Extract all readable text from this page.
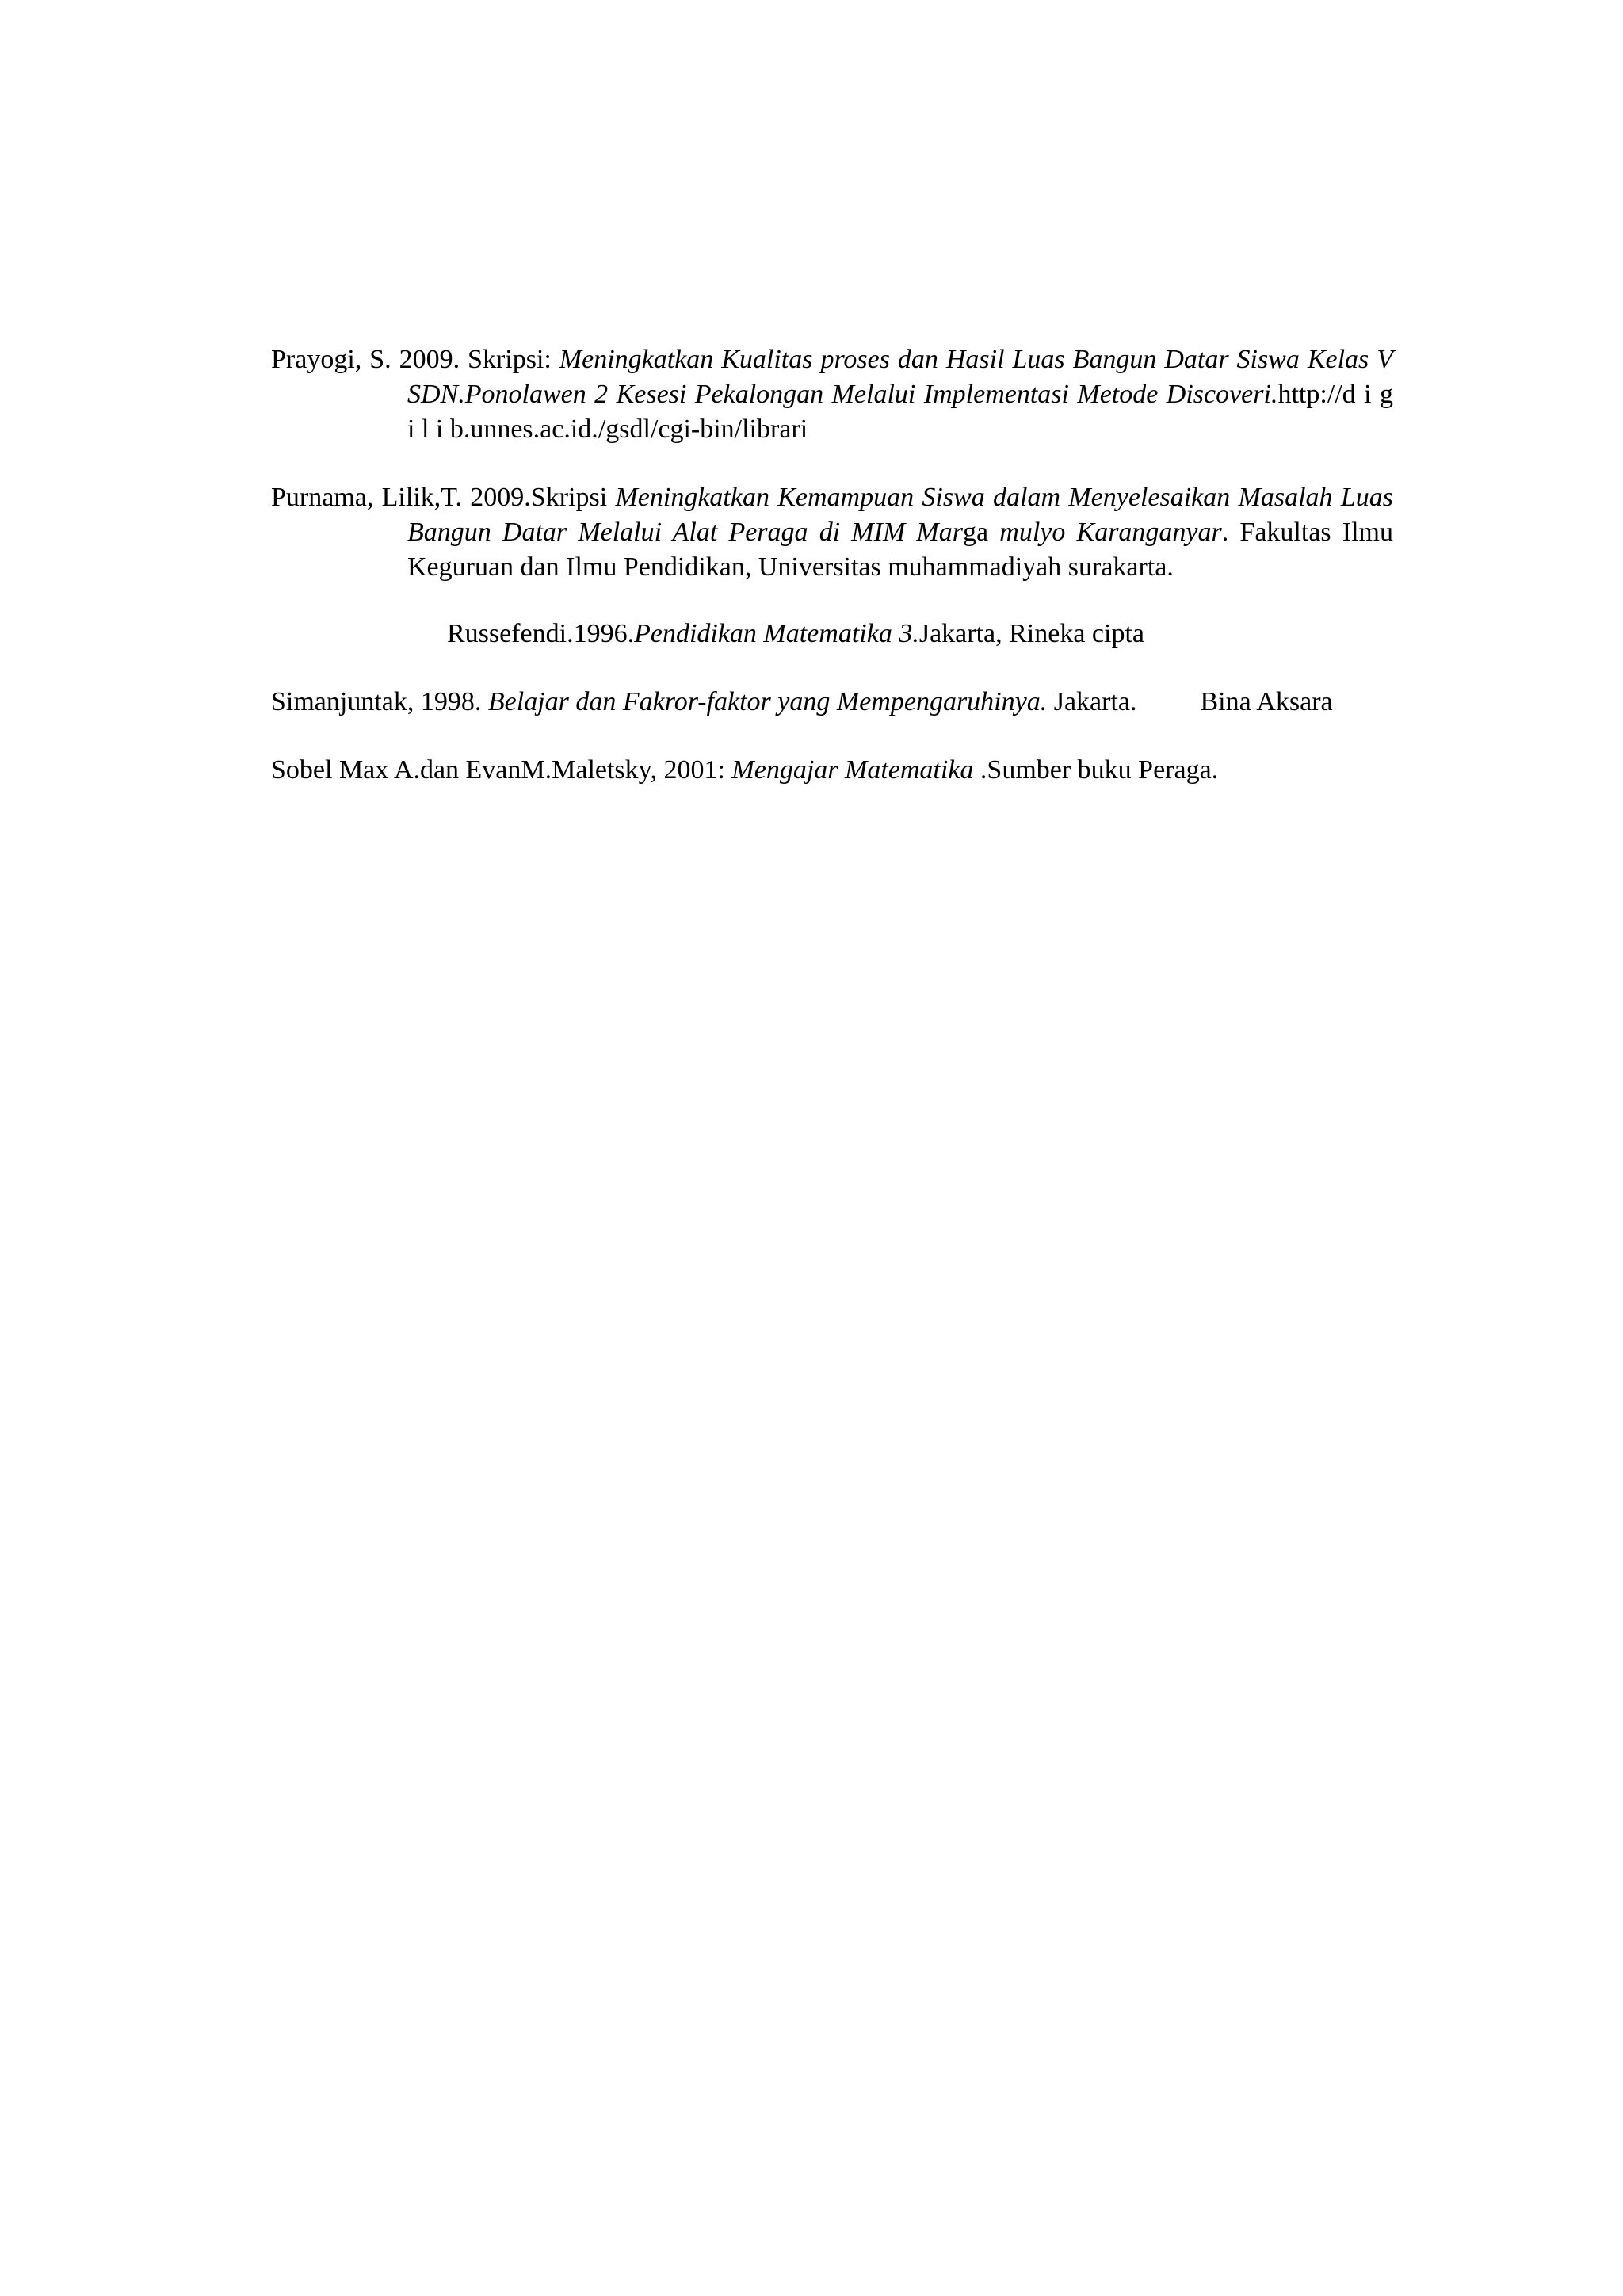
Prayogi, S. 2009. Skripsi: Meningkatkan Kualitas proses dan Hasil Luas Bangun Datar Siswa Kelas V SDN.Ponolawen 2 Kesesi Pekalongan Melalui Implementasi Metode Discoveri.http://d i g i l i b.unnes.ac.id./gsdl/cgi-bin/librari

Purnama, Lilik,T. 2009.Skripsi Meningkatkan Kemampuan Siswa dalam Menyelesaikan Masalah Luas Bangun Datar Melalui Alat Peraga di MIM Marga mulyo Karanganyar. Fakultas Ilmu Keguruan dan Ilmu Pendidikan, Universitas muhammadiyah surakarta.

Russefendi.1996.Pendidikan Matematika 3.Jakarta, Rineka cipta

Simanjuntak, 1998. Belajar dan Fakror-faktor yang Mempengaruhinya. Jakarta. Bina Aksara

Sobel Max A.dan EvanM.Maletsky, 2001: Mengajar Matematika .Sumber buku Peraga.
